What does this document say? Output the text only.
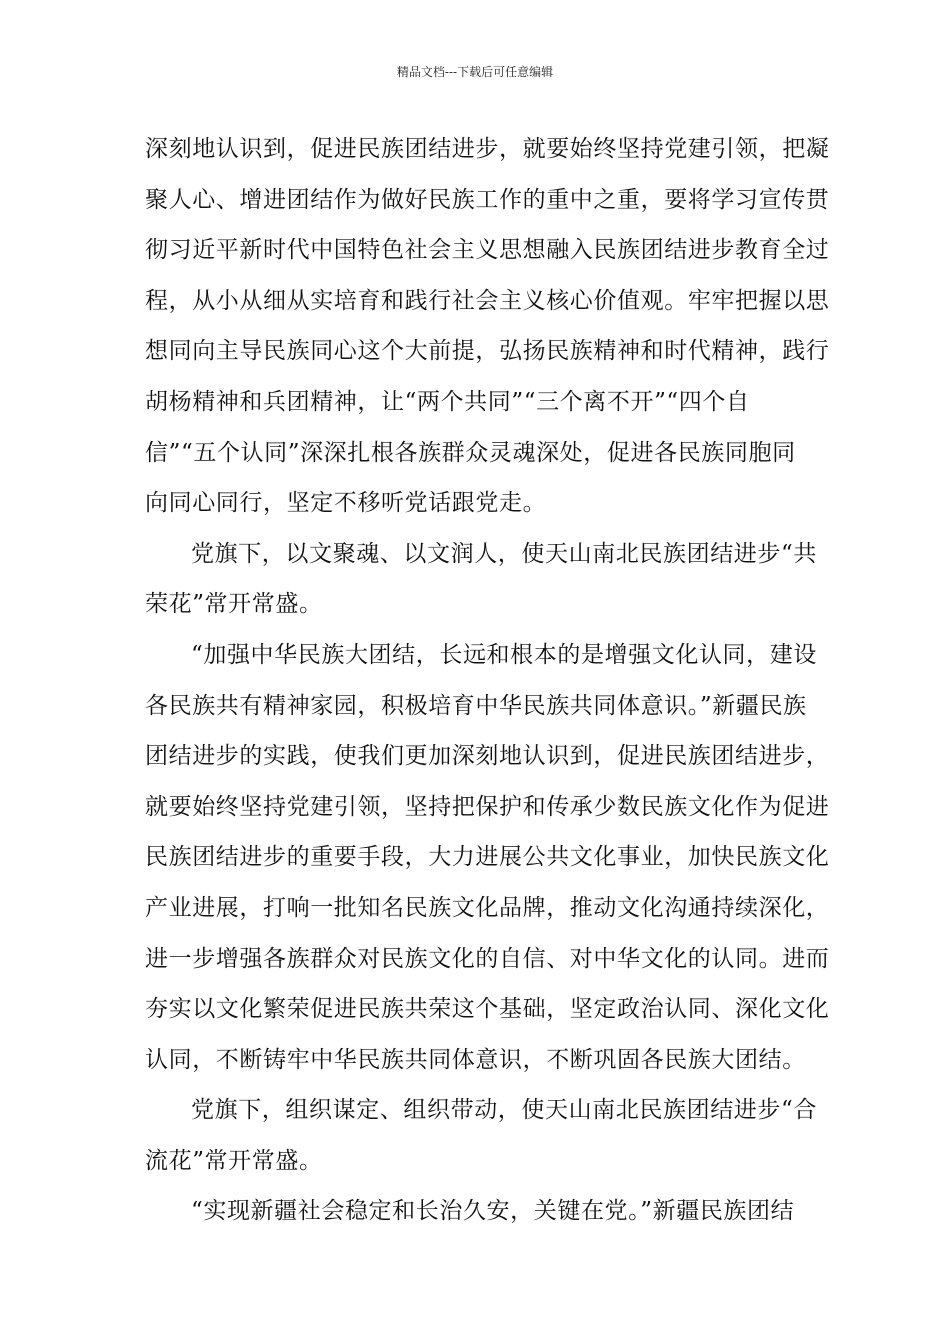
精品文档---下载后可任意编辑
深刻地认识到，促进民族团结进步，就要始终坚持党建引领，把凝
聚人心、增进团结作为做好民族工作的重中之重，要将学习宣传贯
彻习近平新时代中国特色社会主义思想融入民族团结进步教育全过
程，从小从细从实培育和践行社会主义核心价值观。牢牢把握以思
想同向主导民族同心这个大前提，弘扬民族精神和时代精神，践行
胡杨精神和兵团精神，让“两个共同”“三个离不开”“四个自
信”“五个认同”深深扎根各族群众灵魂深处，促进各民族同胞同
向同心同行，坚定不移听党话跟党走。
党旗下，以文聚魂、以文润人，使天山南北民族团结进步“共
荣花”常开常盛。
“加强中华民族大团结，长远和根本的是增强文化认同，建设
各民族共有精神家园，积极培育中华民族共同体意识。”新疆民族
团结进步的实践，使我们更加深刻地认识到，促进民族团结进步，
就要始终坚持党建引领，坚持把保护和传承少数民族文化作为促进
民族团结进步的重要手段，大力进展公共文化事业，加快民族文化
产业进展，打响一批知名民族文化品牌，推动文化沟通持续深化，
进一步增强各族群众对民族文化的自信、对中华文化的认同。进而
夯实以文化繁荣促进民族共荣这个基础，坚定政治认同、深化文化
认同，不断铸牢中华民族共同体意识，不断巩固各民族大团结。
党旗下，组织谋定、组织带动，使天山南北民族团结进步“合
流花”常开常盛。
“实现新疆社会稳定和长治久安，关键在党。”新疆民族团结
